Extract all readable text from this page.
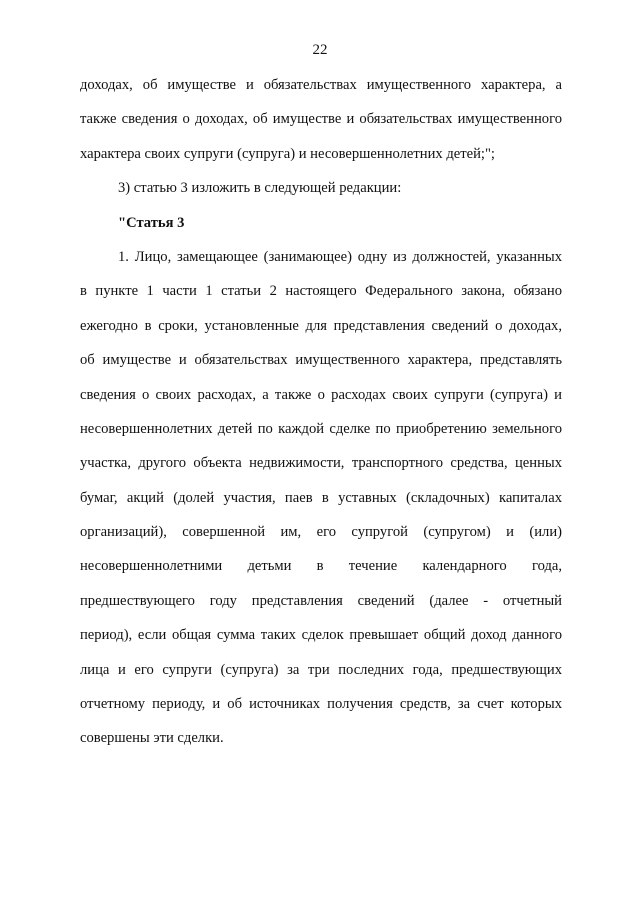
22
доходах, об имуществе и обязательствах имущественного характера, а
также сведения о доходах, об имуществе и обязательствах имущественного
характера своих супруги (супруга) и несовершеннолетних детей;";
3) статью 3 изложить в следующей редакции:
"Статья 3
1. Лицо, замещающее (занимающее) одну из должностей, указанных
в пункте 1 части 1 статьи 2 настоящего Федерального закона, обязано
ежегодно в сроки, установленные для представления сведений о доходах,
об имуществе и обязательствах имущественного характера, представлять
сведения о своих расходах, а также о расходах своих супруги (супруга) и
несовершеннолетних детей по каждой сделке по приобретению земельного
участка, другого объекта недвижимости, транспортного средства, ценных
бумаг, акций (долей участия, паев в уставных (складочных) капиталах
организаций), совершенной им, его супругой (супругом) и (или)
несовершеннолетними детьми в течение календарного года,
предшествующего году представления сведений (далее - отчетный
период), если общая сумма таких сделок превышает общий доход данного
лица и его супруги (супруга) за три последних года, предшествующих
отчетному периоду, и об источниках получения средств, за счет которых
совершены эти сделки.
